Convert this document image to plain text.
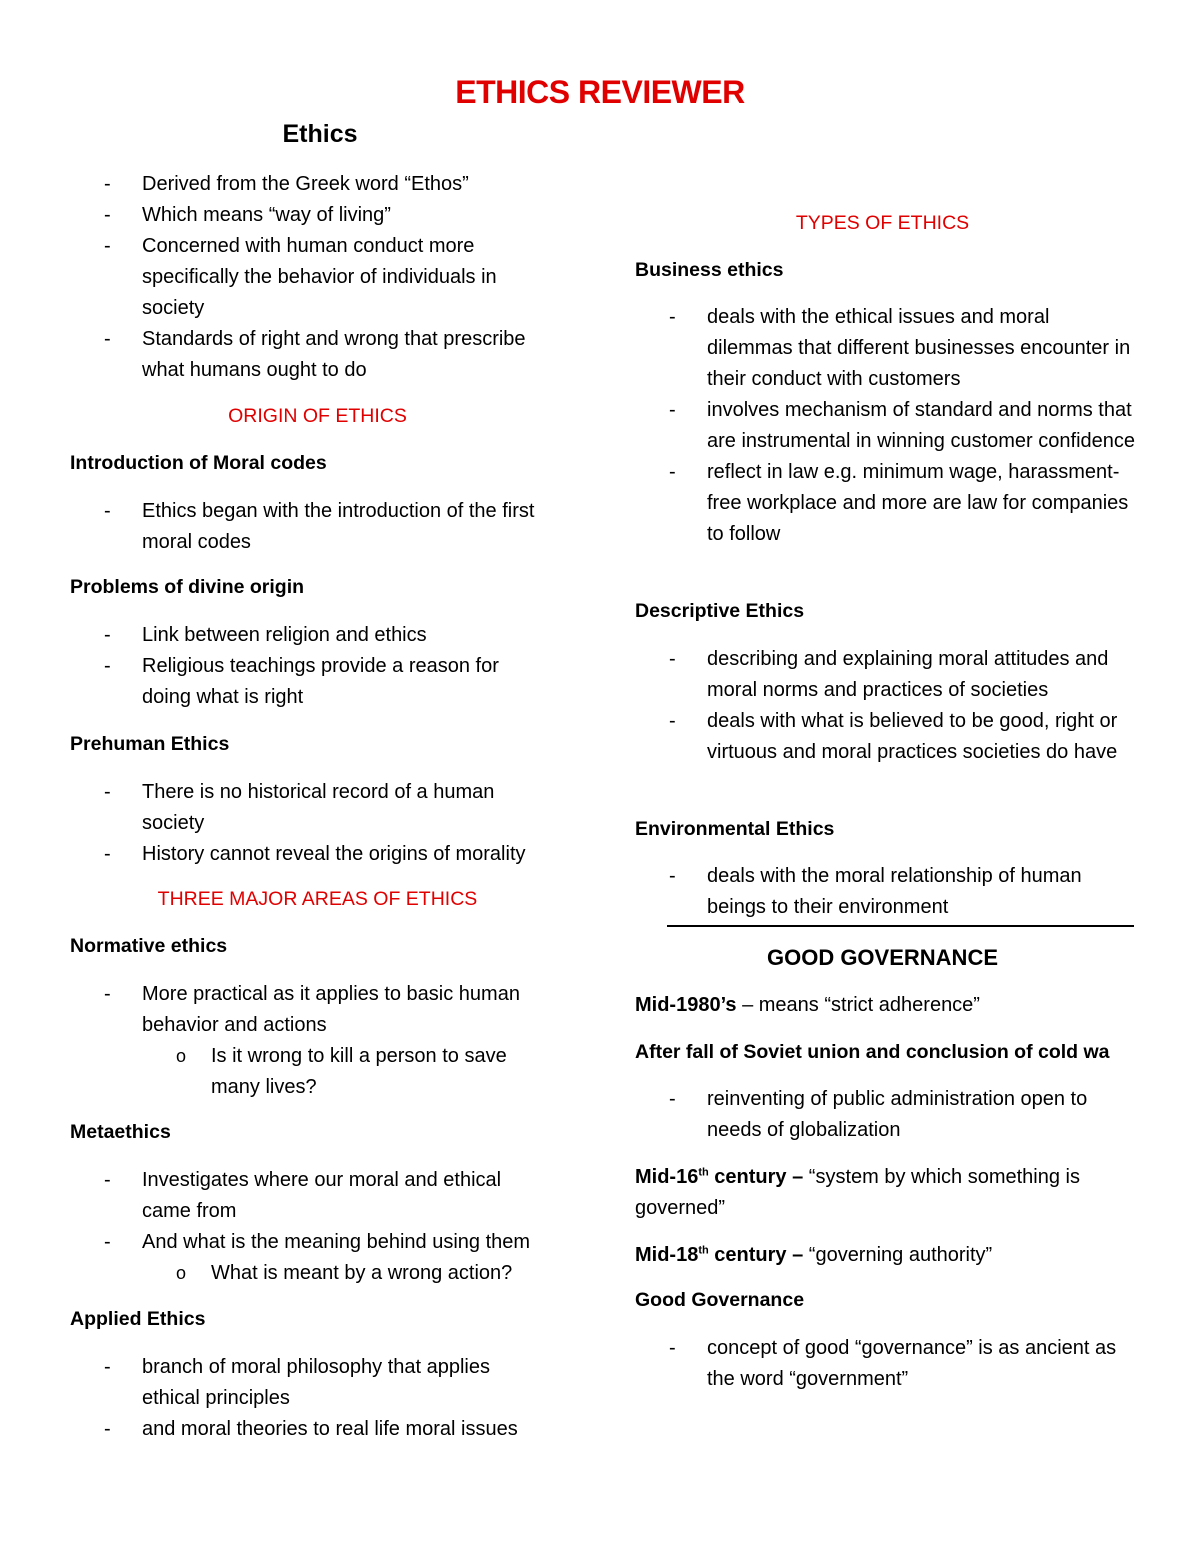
ETHICS REVIEWER
Ethics
- Derived from the Greek word “Ethos”
- Which means “way of living”
- Concerned with human conduct more specifically the behavior of individuals in society
- Standards of right and wrong that prescribe what humans ought to do
ORIGIN OF ETHICS
Introduction of Moral codes
- Ethics began with the introduction of the first moral codes
Problems of divine origin
- Link between religion and ethics
- Religious teachings provide a reason for doing what is right
Prehuman Ethics
- There is no historical record of a human society
- History cannot reveal the origins of morality
THREE MAJOR AREAS OF ETHICS
Normative ethics
- More practical as it applies to basic human behavior and actions
o Is it wrong to kill a person to save many lives?
Metaethics
- Investigates where our moral and ethical came from
- And what is the meaning behind using them
o What is meant by a wrong action?
Applied Ethics
- branch of moral philosophy that applies ethical principles
- and moral theories to real life moral issues
TYPES OF ETHICS
Business ethics
- deals with the ethical issues and moral dilemmas that different businesses encounter in their conduct with customers
- involves mechanism of standard and norms that are instrumental in winning customer confidence
- reflect in law e.g. minimum wage, harassment-free workplace and more are law for companies to follow
Descriptive Ethics
- describing and explaining moral attitudes and moral norms and practices of societies
- deals with what is believed to be good, right or virtuous and moral practices societies do have
Environmental Ethics
- deals with the moral relationship of human beings to their environment
GOOD GOVERNANCE
Mid-1980’s – means “strict adherence”
After fall of Soviet union and conclusion of cold wa
- reinventing of public administration open to needs of globalization
Mid-16th century – “system by which something is governed”
Mid-18th century – “governing authority”
Good Governance
- concept of good “governance” is as ancient as the word “government”
